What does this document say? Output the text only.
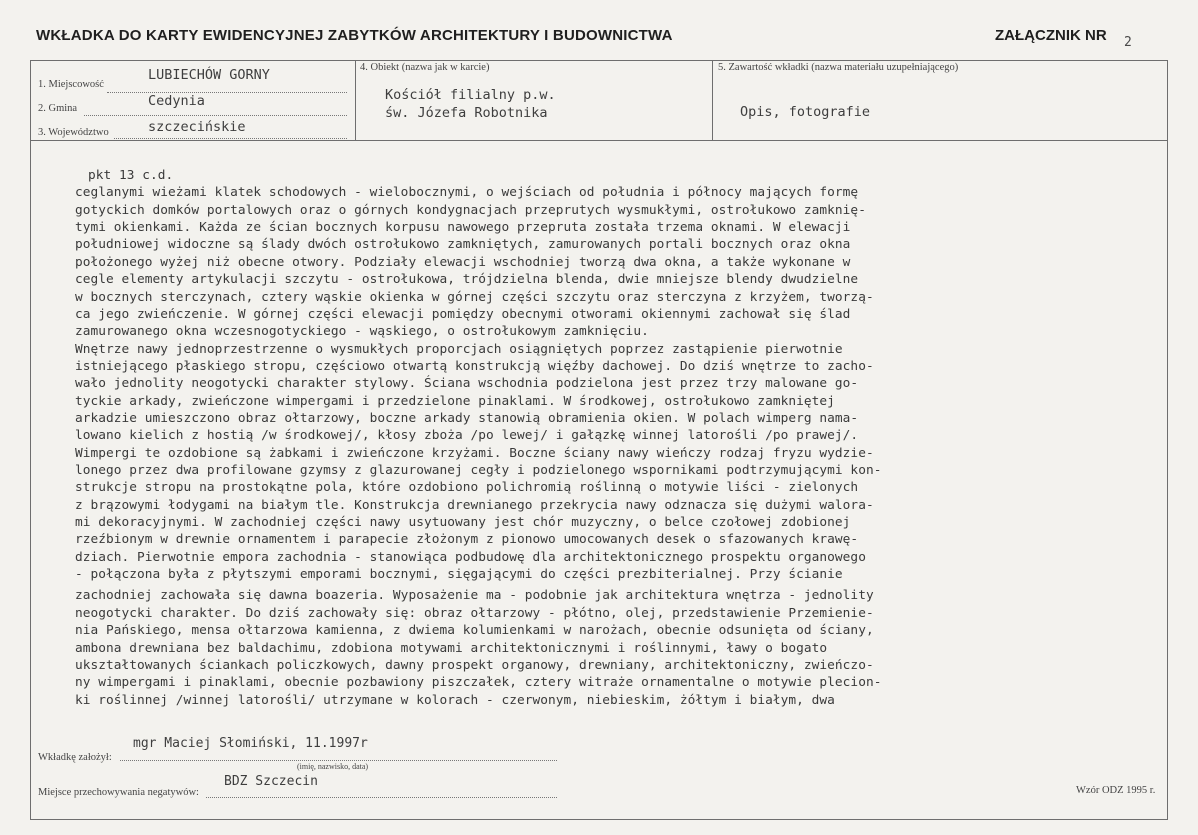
WKŁADKA DO KARTY EWIDENCYJNEJ ZABYTKÓW ARCHITEKTURY I BUDOWNICTWA	ZAŁĄCZNIK NR 2
1. Miejscowość
LUBIECHÓW GORNY
2. Gmina	Cedynia
3. Województwo	szczecińskie
4. Obiekt (nazwa jak w karcie)
Kościół filialny p.w.
św. Józefa Robotnika
5. Zawartość wkładki (nazwa materiału uzupełniającego)
Opis, fotografie
pkt 13 c.d.
ceglanymi wieżami klatek schodowych - wielobocznymi, o wejściach od południa i północy mających formę
gotyckich domków portalowych oraz o górnych kondygnacjach przeprutych wysmukłymi, ostrołukowo zamknię-
tymi okienkami. Każda ze ścian bocznych korpusu nawowego przepruta została trzema oknami. W elewacji
południowej widoczne są ślady dwóch ostrołukowo zamkniętych, zamurowanych portali bocznych oraz okna
położonego wyżej niż obecne otwory. Podziały elewacji wschodniej tworzą dwa okna, a także wykonane w
cegle elementy artykulacji szczytu - ostrołukowa, trójdzielna blenda, dwie mniejsze blendy dwudzielne
w bocznych sterczynach, cztery wąskie okienka w górnej części szczytu oraz sterczyna z krzyżem, tworzą-
ca jego zwieńczenie. W górnej części elewacji pomiędzy obecnymi otworami okiennymi zachował się ślad
zamurowanego okna wczesnogotyckiego - wąskiego, o ostrołukowym zamknięciu.
Wnętrze nawy jednoprzestrzenne o wysmukłych proporcjach osiągniętych poprzez zastąpienie pierwotnie
istniejącego płaskiego stropu, częściowo otwartą konstrukcją więźby dachowej. Do dziś wnętrze to zacho-
wało jednolity neogotycki charakter stylowy. Ściana wschodnia podzielona jest przez trzy malowane go-
tyckie arkady, zwieńczone wimpergami i przedzielone pinaklami. W środkowej, ostrołukowo zamkniętej
arkadzie umieszczono obraz ołtarzowy, boczne arkady stanowią obramienia okien. W polach wimperg nama-
lowano kielich z hostią /w środkowej/, kłosy zboża /po lewej/ i gałązkę winnej latorośli /po prawej/.
Wimpergi te ozdobione są żabkami i zwieńczone krzyżami. Boczne ściany nawy wieńczy rodzaj fryzu wydzie-
lonego przez dwa profilowane gzymsy z glazurowanej cegły i podzielonego wspornikami podtrzymującymi kon-
strukcje stropu na prostokątne pola, które ozdobiono polichromią roślinną o motywie liści - zielonych
z brązowymi łodygami na białym tle. Konstrukcja drewnianego przekrycia nawy odznacza się dużymi walora-
mi dekoracyjnymi. W zachodniej części nawy usytuowany jest chór muzyczny, o belce czołowej zdobionej
rzeźbionym w drewnie ornamentem i parapecie złożonym z pionowo umocowanych desek o sfazowanych krawę-
dziach. Pierwotnie empora zachodnia - stanowiąca podbudowę dla architektonicznego prospektu organowego
- połączona była z płytszymi emporami bocznymi, sięgającymi do części prezbiterialnej. Przy ścianie
zachodniej zachowała się dawna boazeria. Wyposażenie ma - podobnie jak architektura wnętrza - jednolity
neogotycki charakter. Do dziś zachowały się: obraz ołtarzowy - płótno, olej, przedstawienie Przemienie-
nia Pańskiego, mensa ołtarzowa kamienna, z dwiema kolumienkami w narożach, obecnie odsunięta od ściany,
ambona drewniana bez baldachimu, zdobiona motywami architektonicznymi i roślinnymi, ławy o bogato
ukształtowanych ściankach policzkowych, dawny prospekt organowy, drewniany, architektoniczny, zwieńczo-
ny wimpergami i pinaklami, obecnie pozbawiony piszczałek, cztery witraże ornamentalne o motywie plecion-
ki roślinnej /winnej latorośli/ utrzymane w kolorach - czerwonym, niebieskim, żółtym i białym, dwa
Wkładkę założył:
mgr Maciej Słomiński, 11.1997r
(imię, nazwisko, data)
Miejsce przechowywania negatywów:
BDZ Szczecin
Wzór ODZ 1995 r.
